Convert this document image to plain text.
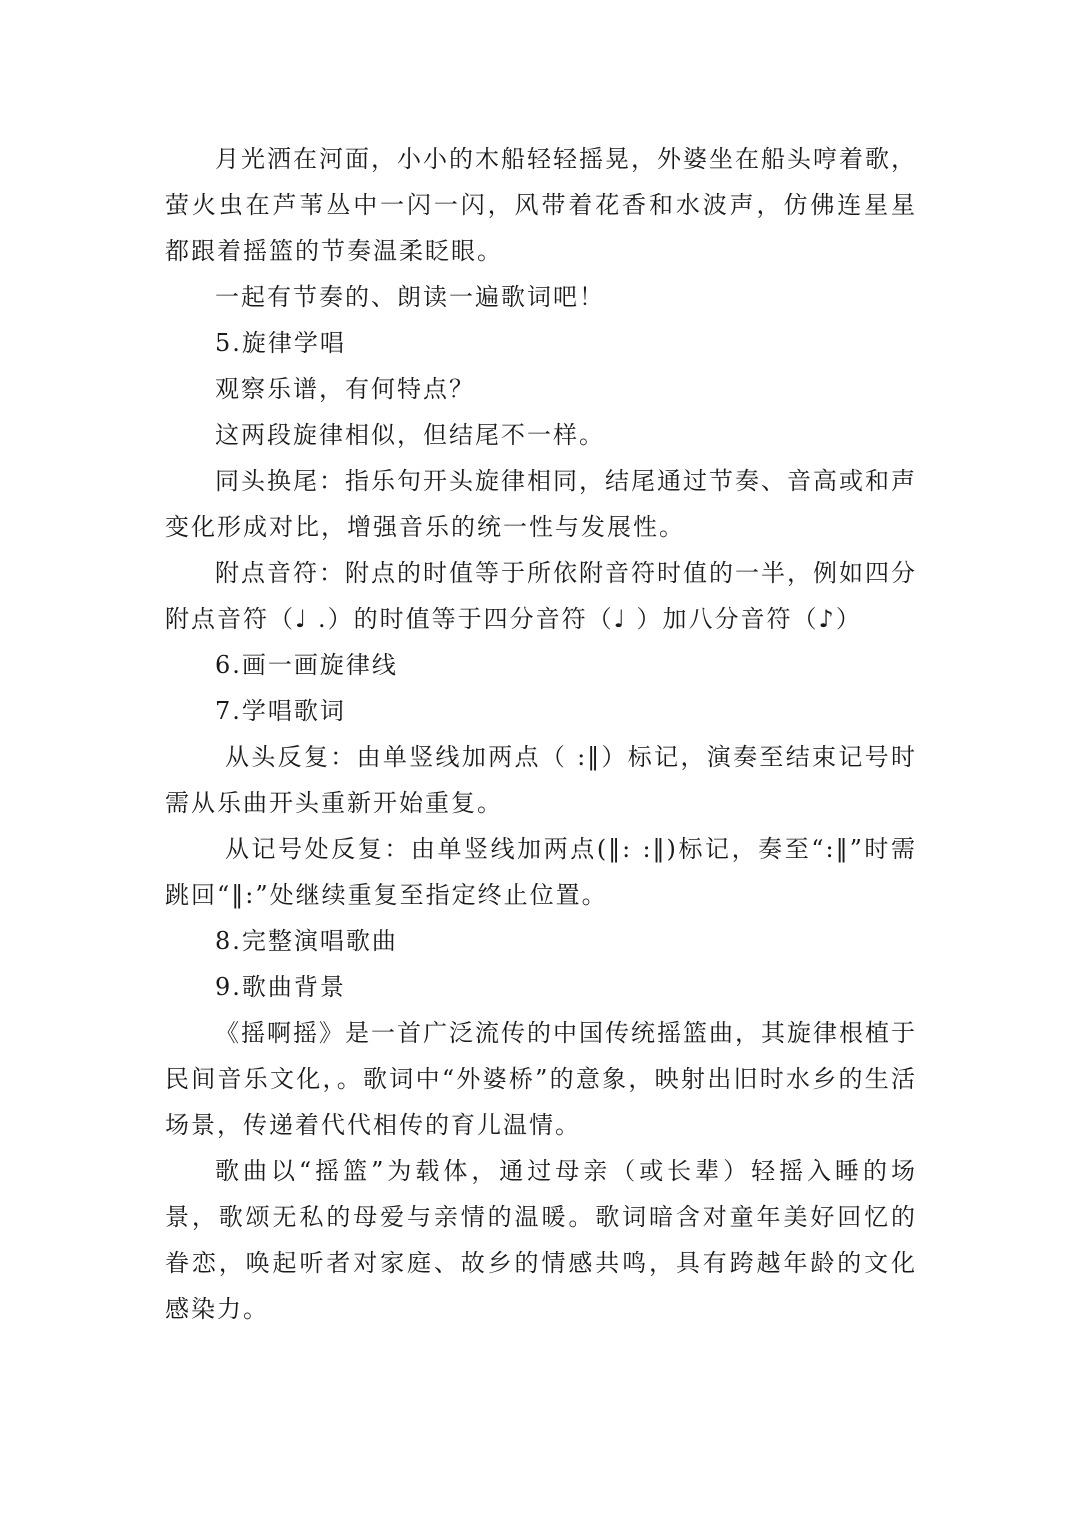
月光洒在河面，小小的木船轻轻摇晃，外婆坐在船头哼着歌，萤火虫在芦苇丛中一闪一闪，风带着花香和水波声，仿佛连星星都跟着摇篮的节奏温柔眨眼。

一起有节奏的、朗读一遍歌词吧！

5.旋律学唱

观察乐谱，有何特点？

这两段旋律相似，但结尾不一样。

同头换尾：指乐句开头旋律相同，结尾通过节奏、音高或和声变化形成对比，增强音乐的统一性与发展性。

附点音符：附点的时值等于所依附音符时值的一半，例如四分附点音符（♩ .）的时值等于四分音符（♩ ）加八分音符（♪）

6.画一画旋律线

7.学唱歌词

从头反复：由单竖线加两点（ :‖）标记，演奏至结束记号时需从乐曲开头重新开始重复。

从记号处反复：由单竖线加两点(‖: :‖)标记，奏至“:‖”时需跳回“‖:”处继续重复至指定终止位置。

8.完整演唱歌曲

9.歌曲背景

《摇啊摇》是一首广泛流传的中国传统摇篮曲，其旋律根植于民间音乐文化，。歌词中“外婆桥”的意象，映射出旧时水乡的生活场景，传递着代代相传的育儿温情。

歌曲以“摇篮”为载体，通过母亲（或长辈）轻摇入睡的场景，歌颂无私的母爱与亲情的温暖。歌词暗含对童年美好回忆的眷恋，唤起听者对家庭、故乡的情感共鸣，具有跨越年龄的文化感染力。
